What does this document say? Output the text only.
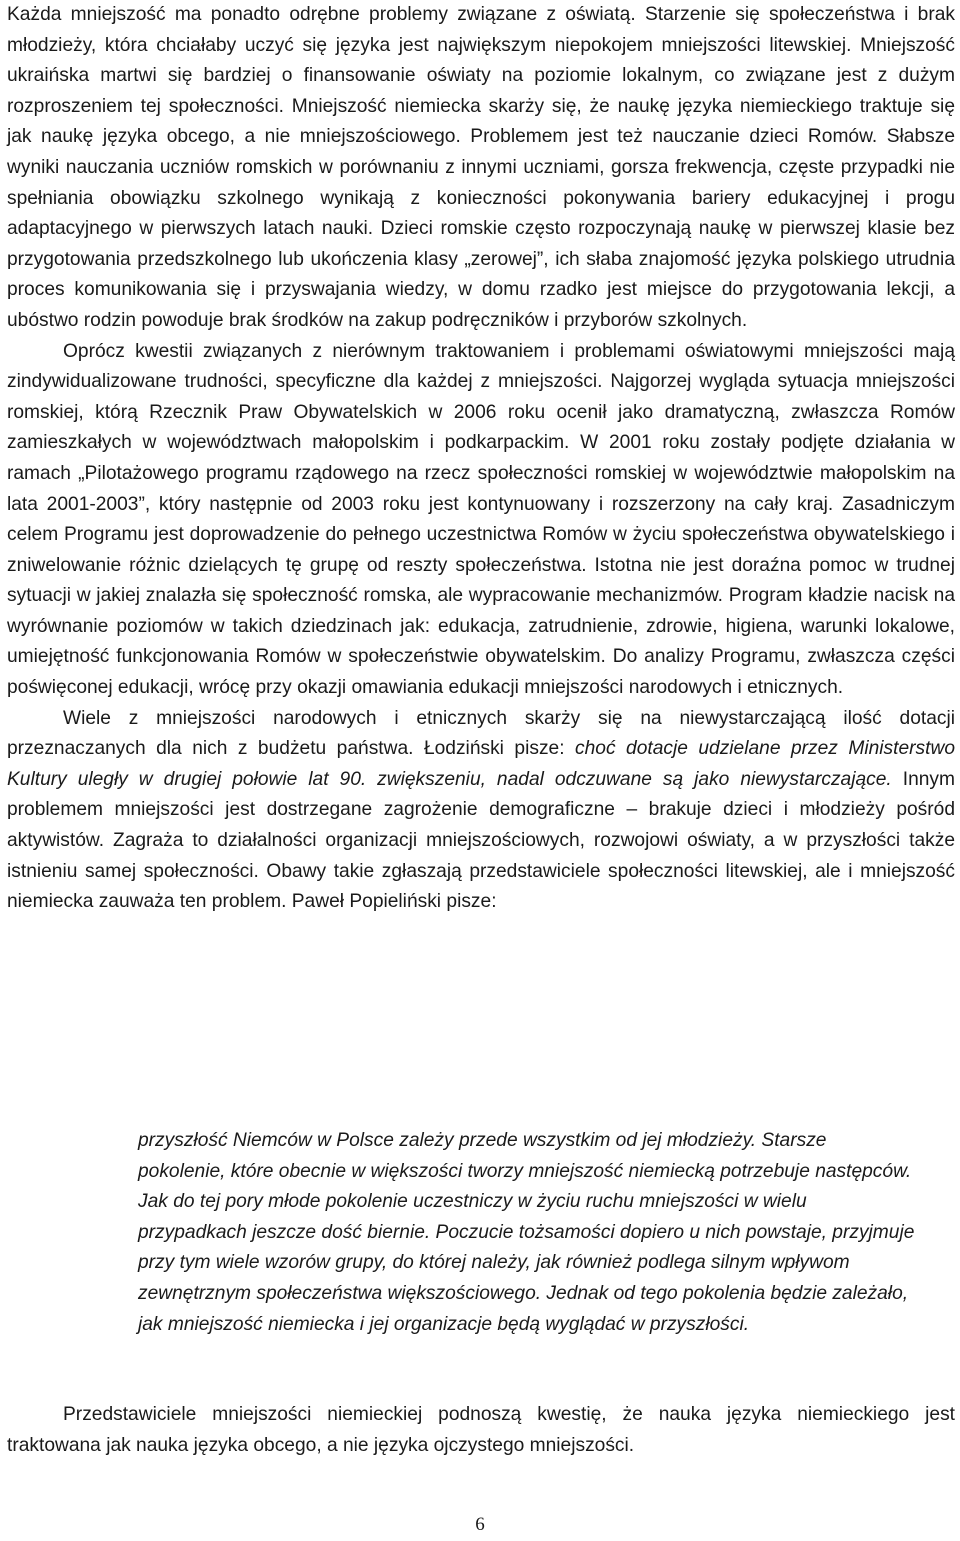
Każda mniejszość ma ponadto odrębne problemy związane z oświatą. Starzenie się społeczeństwa i brak młodzieży, która chciałaby uczyć się języka jest największym niepokojem mniejszości litewskiej. Mniejszość ukraińska martwi się bardziej o finansowanie oświaty na poziomie lokalnym, co związane jest z dużym rozproszeniem tej społeczności. Mniejszość niemiecka skarży się, że naukę języka niemieckiego traktuje się jak naukę języka obcego, a nie mniejszościowego. Problemem jest też nauczanie dzieci Romów. Słabsze wyniki nauczania uczniów romskich w porównaniu z innymi uczniami, gorsza frekwencja, częste przypadki nie spełniania obowiązku szkolnego wynikają z konieczności pokonywania bariery edukacyjnej i progu adaptacyjnego w pierwszych latach nauki. Dzieci romskie często rozpoczynają naukę w pierwszej klasie bez przygotowania przedszkolnego lub ukończenia klasy „zerowej”, ich słaba znajomość języka polskiego utrudnia proces komunikowania się i przyswajania wiedzy, w domu rzadko jest miejsce do przygotowania lekcji, a ubóstwo rodzin powoduje brak środków na zakup podręczników i przyborów szkolnych.

Oprócz kwestii związanych z nierównym traktowaniem i problemami oświatowymi mniejszości mają zindywidualizowane trudności, specyficzne dla każdej z mniejszości. Najgorzej wygląda sytuacja mniejszości romskiej, którą Rzecznik Praw Obywatelskich w 2006 roku ocenił jako dramatyczną, zwłaszcza Romów zamieszkałych w województwach małopolskim i podkarpackim. W 2001 roku zostały podjęte działania w ramach „Pilotażowego programu rządowego na rzecz społeczności romskiej w województwie małopolskim na lata 2001-2003”, który następnie od 2003 roku jest kontynuowany i rozszerzony na cały kraj. Zasadniczym celem Programu jest doprowadzenie do pełnego uczestnictwa Romów w życiu społeczeństwa obywatelskiego i zniwelowanie różnic dzielących tę grupę od reszty społeczeństwa. Istotna nie jest doraźna pomoc w trudnej sytuacji w jakiej znalazła się społeczność romska, ale wypracowanie mechanizmów. Program kładzie nacisk na wyrównanie poziomów w takich dziedzinach jak: edukacja, zatrudnienie, zdrowie, higiena, warunki lokalowe, umiejętność funkcjonowania Romów w społeczeństwie obywatelskim. Do analizy Programu, zwłaszcza części poświęconej edukacji, wrócę przy okazji omawiania edukacji mniejszości narodowych i etnicznych.

Wiele z mniejszości narodowych i etnicznych skarży się na niewystarczającą ilość dotacji przeznaczanych dla nich z budżetu państwa. Łodziński pisze: choć dotacje udzielane przez Ministerstwo Kultury uległy w drugiej połowie lat 90. zwiększeniu, nadal odczuwane są jako niewystarczające. Innym problemem mniejszości jest dostrzegane zagrożenie demograficzne – brakuje dzieci i młodzieży pośród aktywistów. Zagraża to działalności organizacji mniejszościowych, rozwojowi oświaty, a w przyszłości także istnieniu samej społeczności. Obawy takie zgłaszają przedstawiciele społeczności litewskiej, ale i mniejszość niemiecka zauważa ten problem. Paweł Popieliński pisze:

przyszłość Niemców w Polsce zależy przede wszystkim od jej młodzieży. Starsze pokolenie, które obecnie w większości tworzy mniejszość niemiecką potrzebuje następców. Jak do tej pory młode pokolenie uczestniczy w życiu ruchu mniejszości w wielu przypadkach jeszcze dość biernie. Poczucie tożsamości dopiero u nich powstaje, przyjmuje przy tym wiele wzorów grupy, do której należy, jak również podlega silnym wpływom zewnętrznym społeczeństwa większościowego. Jednak od tego pokolenia będzie zależało, jak mniejszość niemiecka i jej organizacje będą wyglądać w przyszłości.

Przedstawiciele mniejszości niemieckiej podnoszą kwestię, że nauka języka niemieckiego jest traktowana jak nauka języka obcego, a nie języka ojczystego mniejszości.

6
